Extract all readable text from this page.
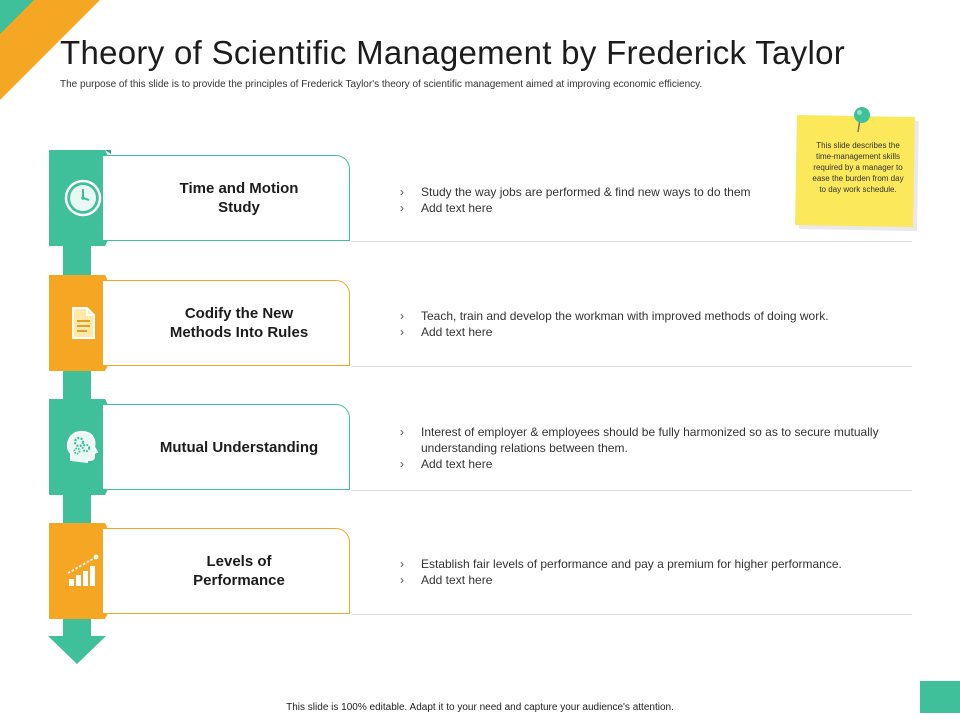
Theory of Scientific Management by Frederick Taylor
The purpose of this slide is to provide the principles of Frederick Taylor's theory of scientific management aimed at improving economic efficiency.
Time and Motion Study
›	Study the way jobs are performed & find new ways to do them
›	Add text here
Codify the New Methods Into Rules
›	Teach, train and develop the workman with improved methods of doing work.
›	Add text here
Mutual Understanding
›	Interest of employer & employees should be fully harmonized so as to secure mutually understanding relations between them.
›	Add text here
Levels of Performance
›	Establish fair levels of performance and pay a premium for higher performance.
›	Add text here
This slide describes the time-management skills required by a manager to ease the burden from day to day work schedule.
This slide is 100% editable. Adapt it to your need and capture your audience's attention.
